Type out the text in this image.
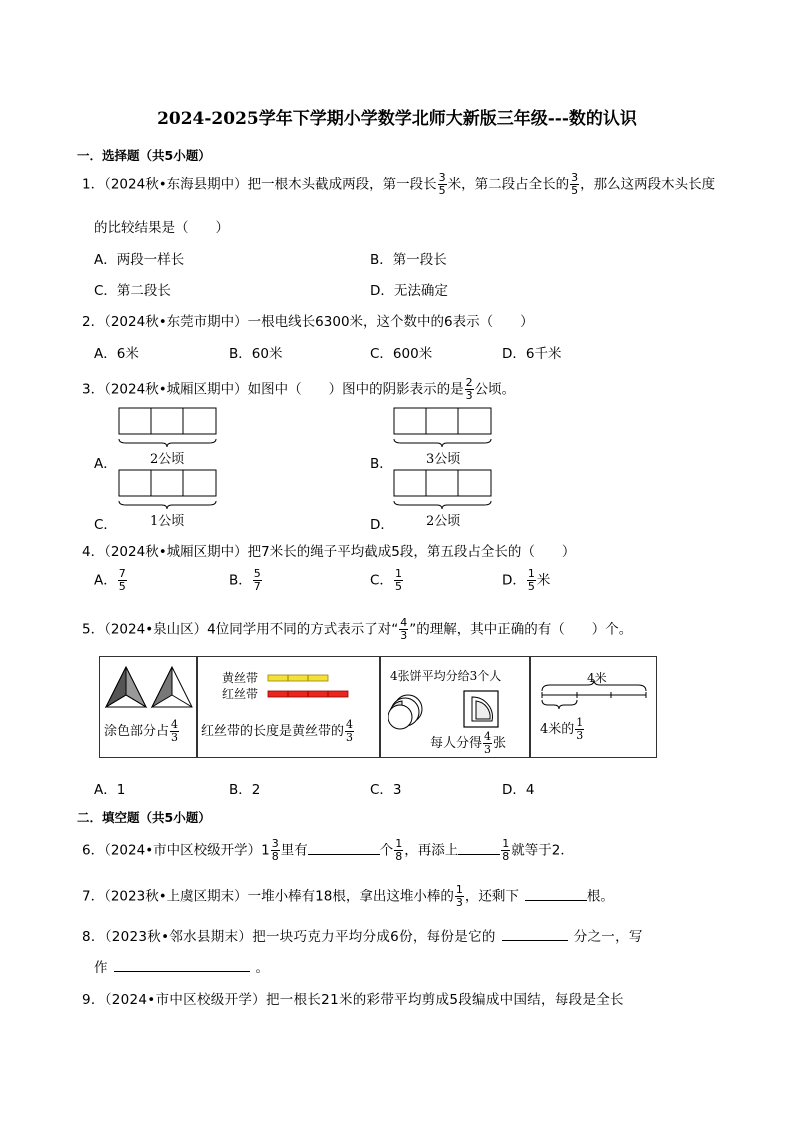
2024-2025学年下学期小学数学北师大新版三年级---数的认识
一．选择题（共5小题）
1．（2024秋•东海县期中）把一根木头截成两段，第一段长 $\frac{3}{5}$ 米，第二段占全长的 $\frac{3}{5}$ ，那么这两段木头长度
的比较结果是（　　）
A．两段一样长	B．第一段长
C．第二段长	D．无法确定
2．（2024秋•东莞市期中）一根电线长6300米，这个数中的6表示（　　）
A．6米	B．60米	C．600米	D．6千米
3．（2024秋•城厢区期中）如图中（　　）图中的阴影表示的是 $\frac{2}{3}$ 公顷。
A．	2公顷	B．	3公顷
C．	1公顷	D． 2公顷
4．（2024秋•城厢区期中）把7米长的绳子平均截成5段，第五段占全长的（　　）
A． $\frac{7}{5}$	B． $\frac{5}{7}$	C． $\frac{1}{5}$	D． $\frac{1}{5}$ 米
5．（2024•泉山区）4位同学用不同的方式表示了对“ $\frac{4}{3}$ ”的理解，其中正确的有（　　）个。
涂色部分占 $\frac{4}{3}$
黄丝带
红丝带
红丝带的长度是黄丝带的 $\frac{4}{3}$
4张饼平均分给3个人
每人分得 $\frac{4}{3}$ 张
4米
4米的 $\frac{1}{3}$
A．1	B．2	C．3	D．4
二．填空题（共5小题）
6．（2024•市中区校级开学）$1 \frac{3}{8}$ 里有	个 $\frac{1}{8}$ ，再添上	$\frac{1}{8}$ 就等于2．
7．（2023秋•上虞区期末）一堆小棒有18根，拿出这堆小棒的 $\frac{1}{3}$ ，还剩下	根。
8．（2023秋•邻水县期末）把一块巧克力平均分成6份，每份是它的	分之一，写
作	。
9．（2024•市中区校级开学）把一根长21米的彩带平均剪成5段编成中国结，每段是全长
